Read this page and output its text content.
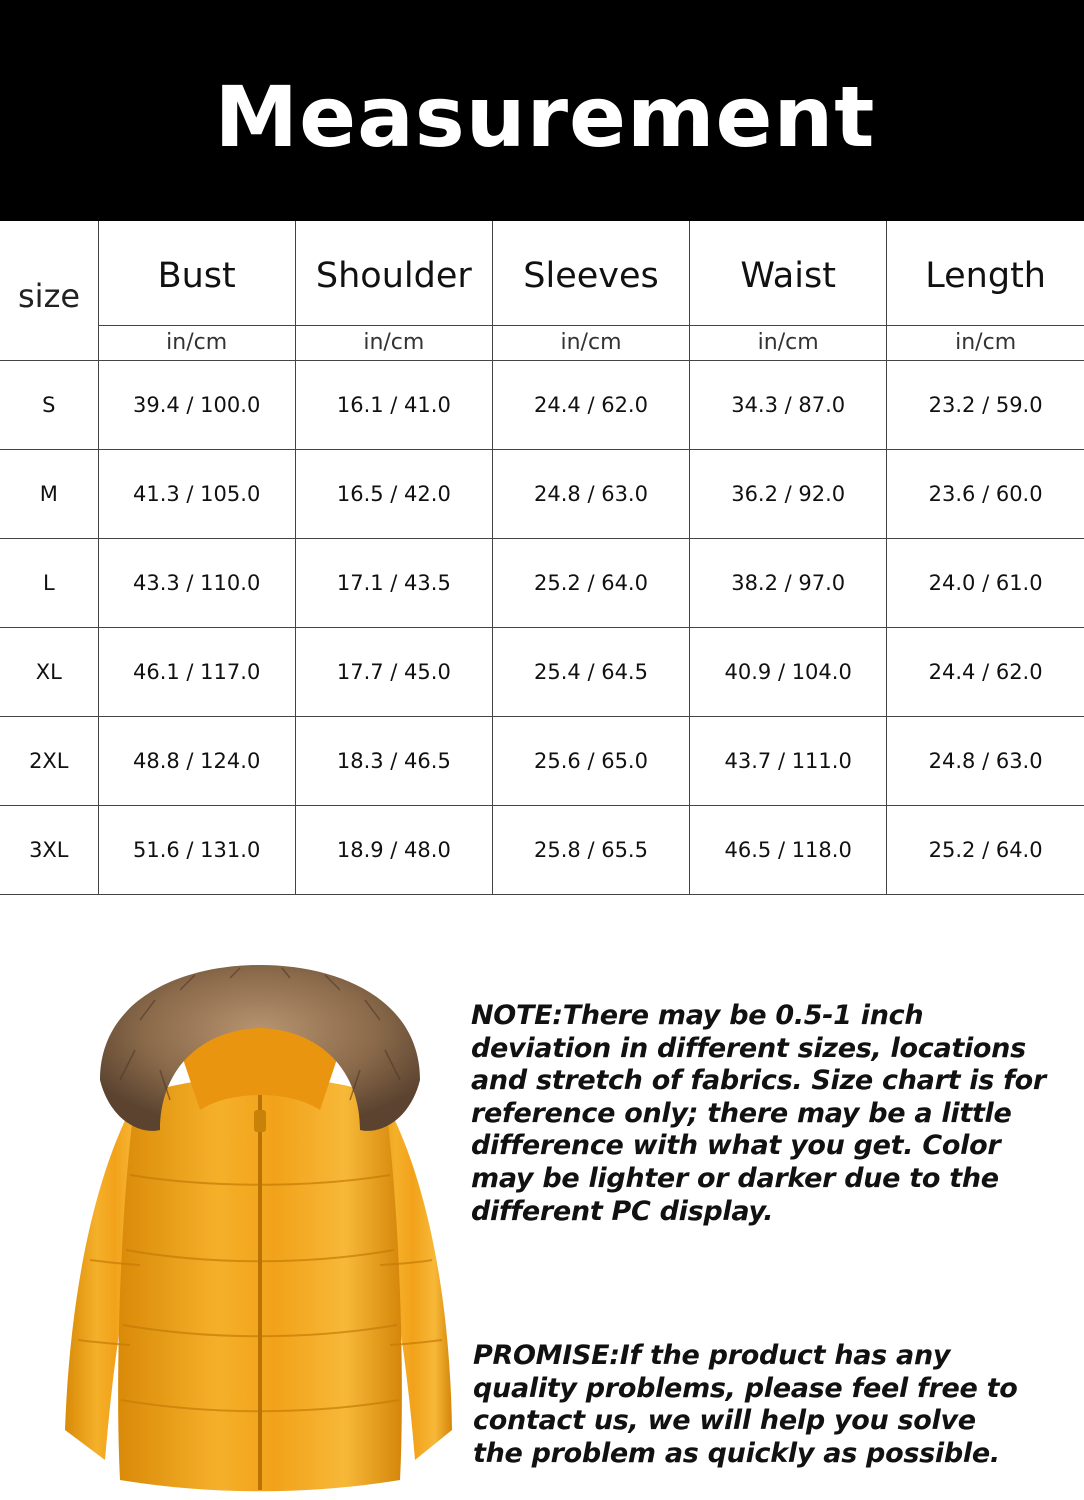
Measurement
size	Bust	Shoulder	Sleeves	Waist	Length
	in/cm	in/cm	in/cm	in/cm	in/cm
S	39.4 / 100.0	16.1 / 41.0	24.4 / 62.0	34.3 / 87.0	23.2 / 59.0
M	41.3 / 105.0	16.5 / 42.0	24.8 / 63.0	36.2 / 92.0	23.6 / 60.0
L	43.3 / 110.0	17.1 / 43.5	25.2 / 64.0	38.2 / 97.0	24.0 / 61.0
XL	46.1 / 117.0	17.7 / 45.0	25.4 / 64.5	40.9 / 104.0	24.4 / 62.0
2XL	48.8 / 124.0	18.3 / 46.5	25.6 / 65.0	43.7 / 111.0	24.8 / 63.0
3XL	51.6 / 131.0	18.9 / 48.0	25.8 / 65.5	46.5 / 118.0	25.2 / 64.0

NOTE:There may be 0.5-1 inch
deviation in different sizes, locations
and stretch of fabrics. Size chart is for
reference only; there may be a little
difference with what you get. Color
may be lighter or darker due to the
different PC display.

PROMISE:If the product has any
quality problems, please feel free to
contact us, we will help you solve
the problem as quickly as possible.
